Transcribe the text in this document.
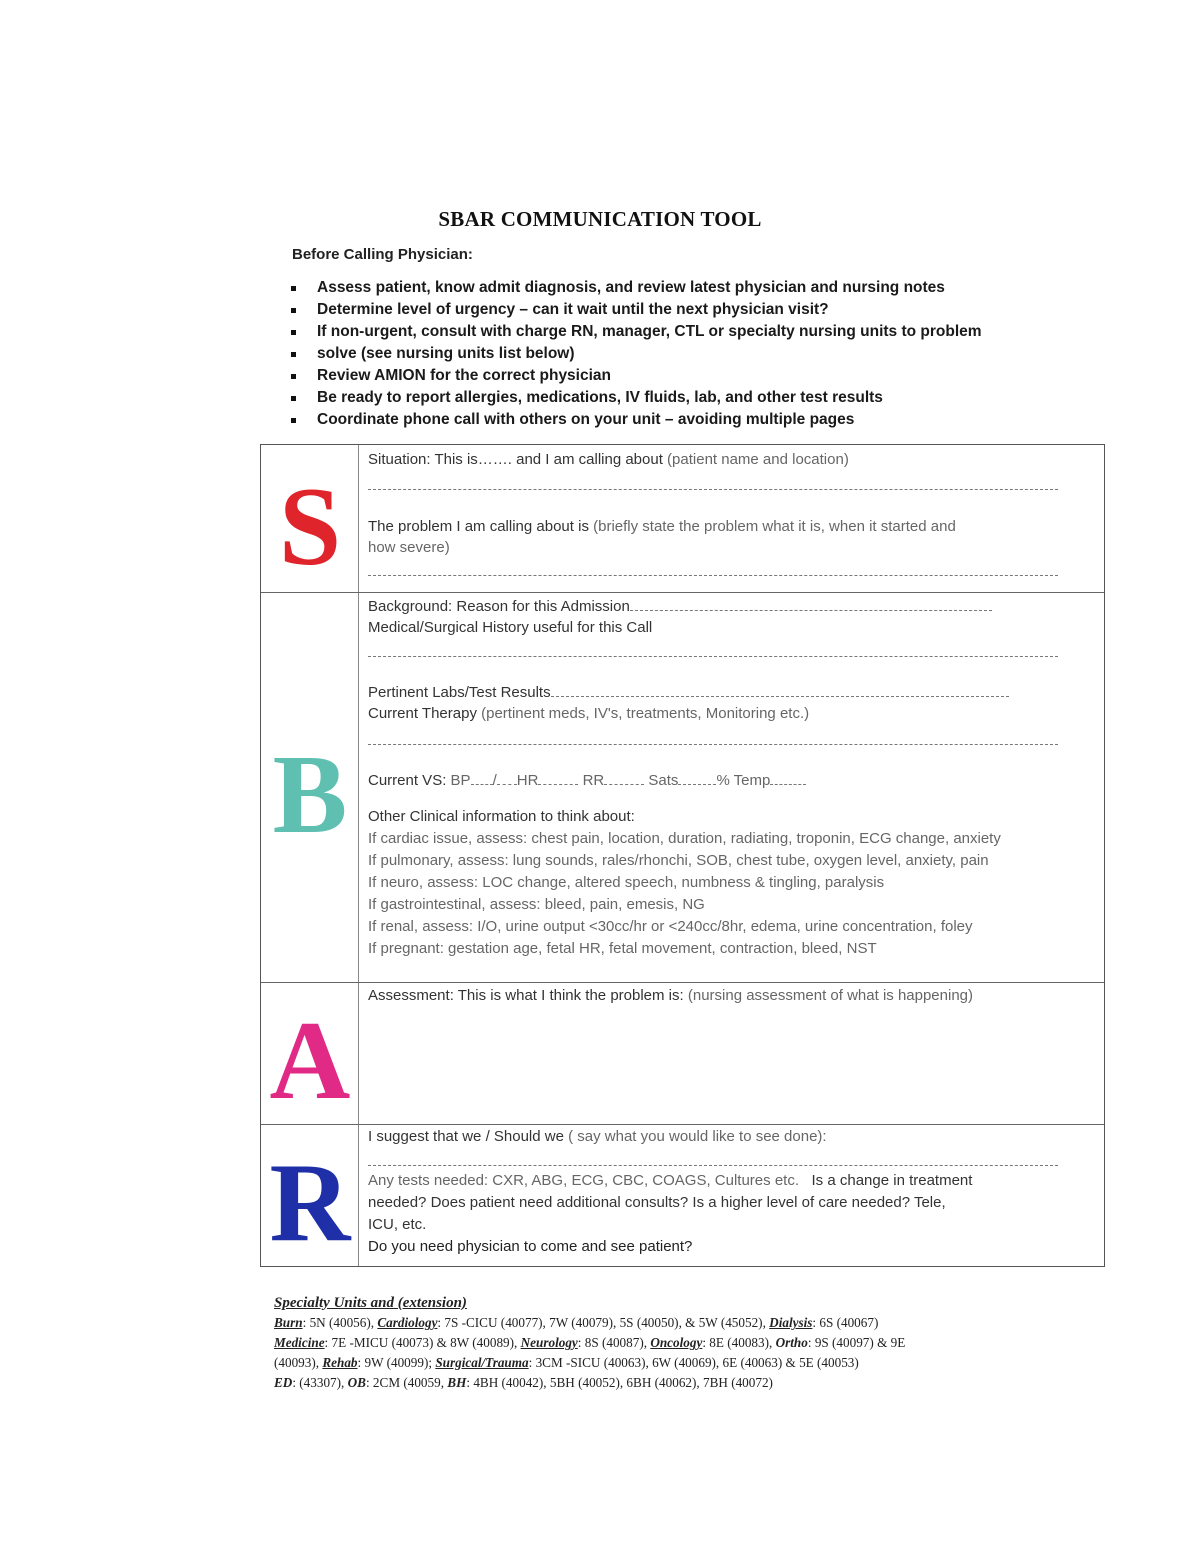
SBAR COMMUNICATION TOOL
Before Calling Physician:
Assess patient, know admit diagnosis, and review latest physician and nursing notes
Determine level of urgency – can it wait until the next physician visit?
If non-urgent, consult with charge RN, manager, CTL or specialty nursing units to problem
solve (see nursing units list below)
Review AMION for the correct physician
Be ready to report allergies, medications, IV fluids, lab, and other test results
Coordinate phone call with others on your unit – avoiding multiple pages
S
Situation: This is……. and I am calling about (patient name and location)
The problem I am calling about is (briefly state the problem what it is, when it started and
how severe)
B
Background: Reason for this Admission
Medical/Surgical History useful for this Call
Pertinent Labs/Test Results
Current Therapy (pertinent meds, IV's, treatments, Monitoring etc.)
Current VS: BP / HR	RR	Sats	% Temp
Other Clinical information to think about:
If cardiac issue, assess: chest pain, location, duration, radiating, troponin, ECG change, anxiety
If pulmonary, assess: lung sounds, rales/rhonchi, SOB, chest tube, oxygen level, anxiety, pain
If neuro, assess: LOC change, altered speech, numbness & tingling, paralysis
If gastrointestinal, assess: bleed, pain, emesis, NG
If renal, assess: I/O, urine output <30cc/hr or <240cc/8hr, edema, urine concentration, foley
If pregnant: gestation age, fetal HR, fetal movement, contraction, bleed, NST
A
Assessment: This is what I think the problem is: (nursing assessment of what is happening)
R
I suggest that we / Should we ( say what you would like to see done):
Any tests needed: CXR, ABG, ECG, CBC, COAGS, Cultures etc. Is a change in treatment
needed? Does patient need additional consults? Is a higher level of care needed? Tele,
ICU, etc.
Do you need physician to come and see patient?
Specialty Units and (extension)
Burn: 5N (40056), Cardiology: 7S -CICU (40077), 7W (40079), 5S (40050), & 5W (45052), Dialysis: 6S (40067)
Medicine: 7E -MICU (40073) & 8W (40089), Neurology: 8S (40087), Oncology: 8E (40083), Ortho: 9S (40097) & 9E
(40093), Rehab: 9W (40099); Surgical/Trauma: 3CM -SICU (40063), 6W (40069), 6E (40063) & 5E (40053)
ED: (43307), OB: 2CM (40059, BH: 4BH (40042), 5BH (40052), 6BH (40062), 7BH (40072)
